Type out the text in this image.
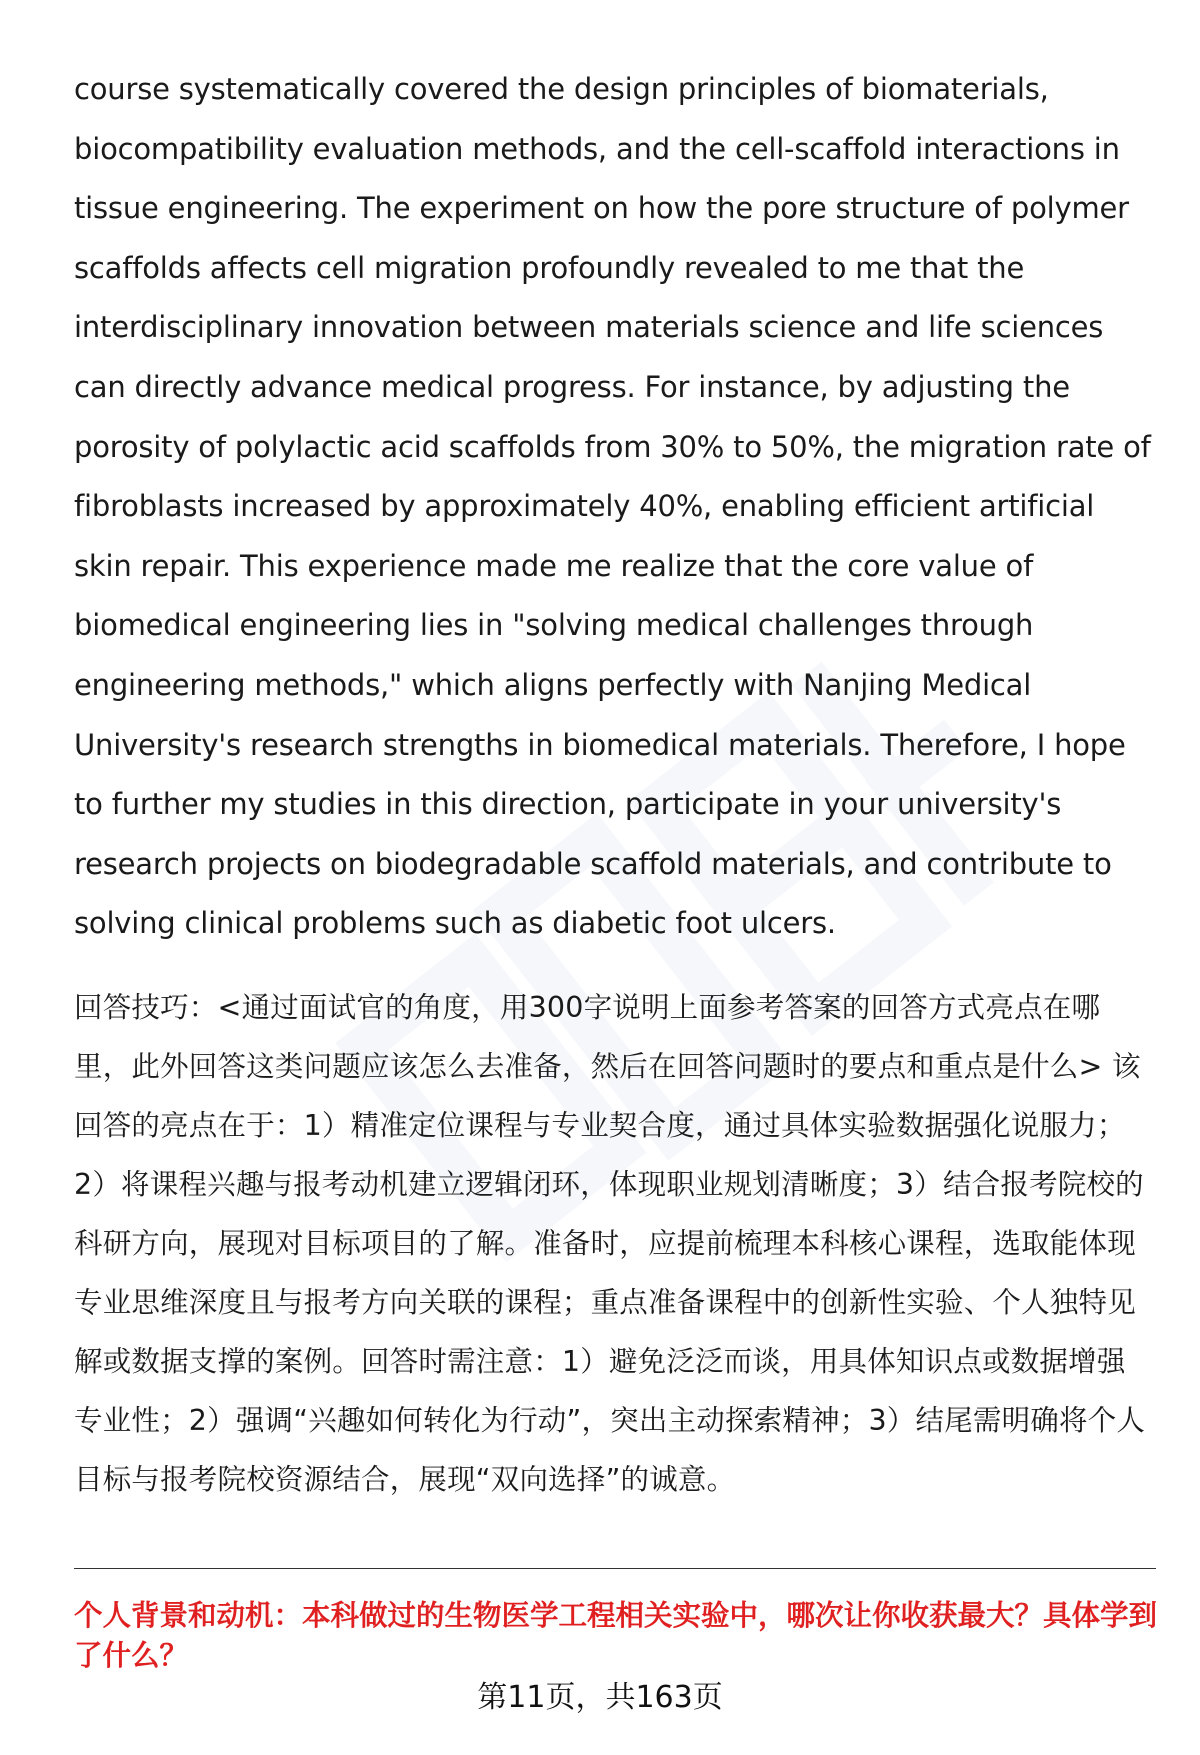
course systematically covered the design principles of biomaterials, biocompatibility evaluation methods, and the cell-scaffold interactions in tissue engineering. The experiment on how the pore structure of polymer scaffolds affects cell migration profoundly revealed to me that the interdisciplinary innovation between materials science and life sciences can directly advance medical progress. For instance, by adjusting the porosity of polylactic acid scaffolds from 30% to 50%, the migration rate of fibroblasts increased by approximately 40%, enabling efficient artificial skin repair. This experience made me realize that the core value of biomedical engineering lies in "solving medical challenges through engineering methods," which aligns perfectly with Nanjing Medical University's research strengths in biomedical materials. Therefore, I hope to further my studies in this direction, participate in your university's research projects on biodegradable scaffold materials, and contribute to solving clinical problems such as diabetic foot ulcers.

回答技巧：<通过面试官的角度，用300字说明上面参考答案的回答方式亮点在哪里，此外回答这类问题应该怎么去准备，然后在回答问题时的要点和重点是什么> 该回答的亮点在于：1）精准定位课程与专业契合度，通过具体实验数据强化说服力；2）将课程兴趣与报考动机建立逻辑闭环，体现职业规划清晰度；3）结合报考院校的科研方向，展现对目标项目的了解。准备时，应提前梳理本科核心课程，选取能体现专业思维深度且与报考方向关联的课程；重点准备课程中的创新性实验、个人独特见解或数据支撑的案例。回答时需注意：1）避免泛泛而谈，用具体知识点或数据增强专业性；2）强调“兴趣如何转化为行动”，突出主动探索精神；3）结尾需明确将个人目标与报考院校资源结合，展现“双向选择”的诚意。

个人背景和动机：本科做过的生物医学工程相关实验中，哪次让你收获最大？具体学到了什么？

第11页，共163页
